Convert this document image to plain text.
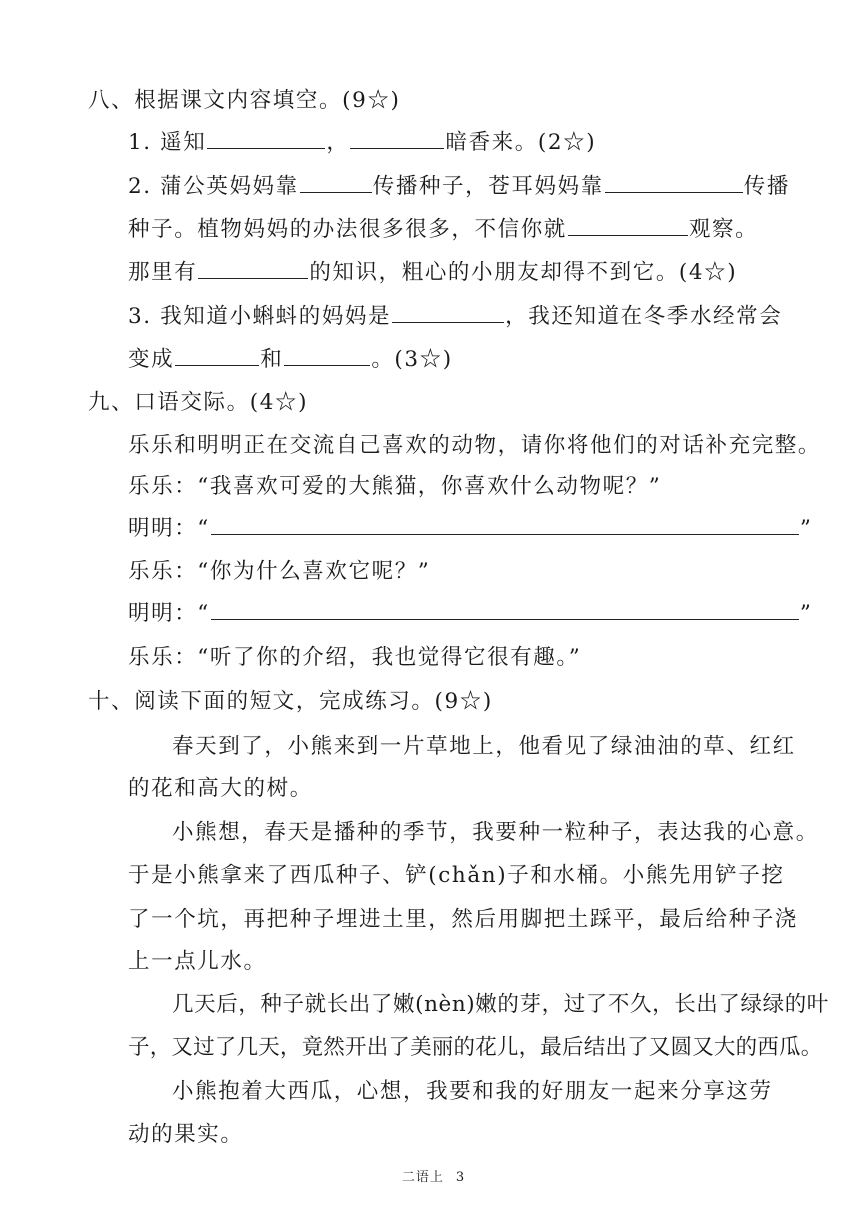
八、根据课文内容填空。(9☆)
1. 遥知	，	暗香来。(2☆)
2. 蒲公英妈妈靠	传播种子，苍耳妈妈靠	传播
种子。植物妈妈的办法很多很多，不信你就	观察。
那里有	的知识，粗心的小朋友却得不到它。(4☆)
3. 我知道小蝌蚪的妈妈是	，我还知道在冬季水经常会
变成	和	。(3☆)
九、口语交际。(4☆)
乐乐和明明正在交流自己喜欢的动物，请你将他们的对话补充完整。
乐乐：“我喜欢可爱的大熊猫，你喜欢什么动物呢？”
明明：“	”
乐乐：“你为什么喜欢它呢？”
明明：“	”
乐乐：“听了你的介绍，我也觉得它很有趣。”
十、阅读下面的短文，完成练习。(9☆)
春天到了，小熊来到一片草地上，他看见了绿油油的草、红红
的花和高大的树。
小熊想，春天是播种的季节，我要种一粒种子，表达我的心意。
于是小熊拿来了西瓜种子、铲(chǎn)子和水桶。小熊先用铲子挖
了一个坑，再把种子埋进土里，然后用脚把土踩平，最后给种子浇
上一点儿水。
几天后，种子就长出了嫩(nèn)嫩的芽，过了不久，长出了绿绿的叶
子，又过了几天，竟然开出了美丽的花儿，最后结出了又圆又大的西瓜。
小熊抱着大西瓜，心想，我要和我的好朋友一起来分享这劳
动的果实。
二语上 3
